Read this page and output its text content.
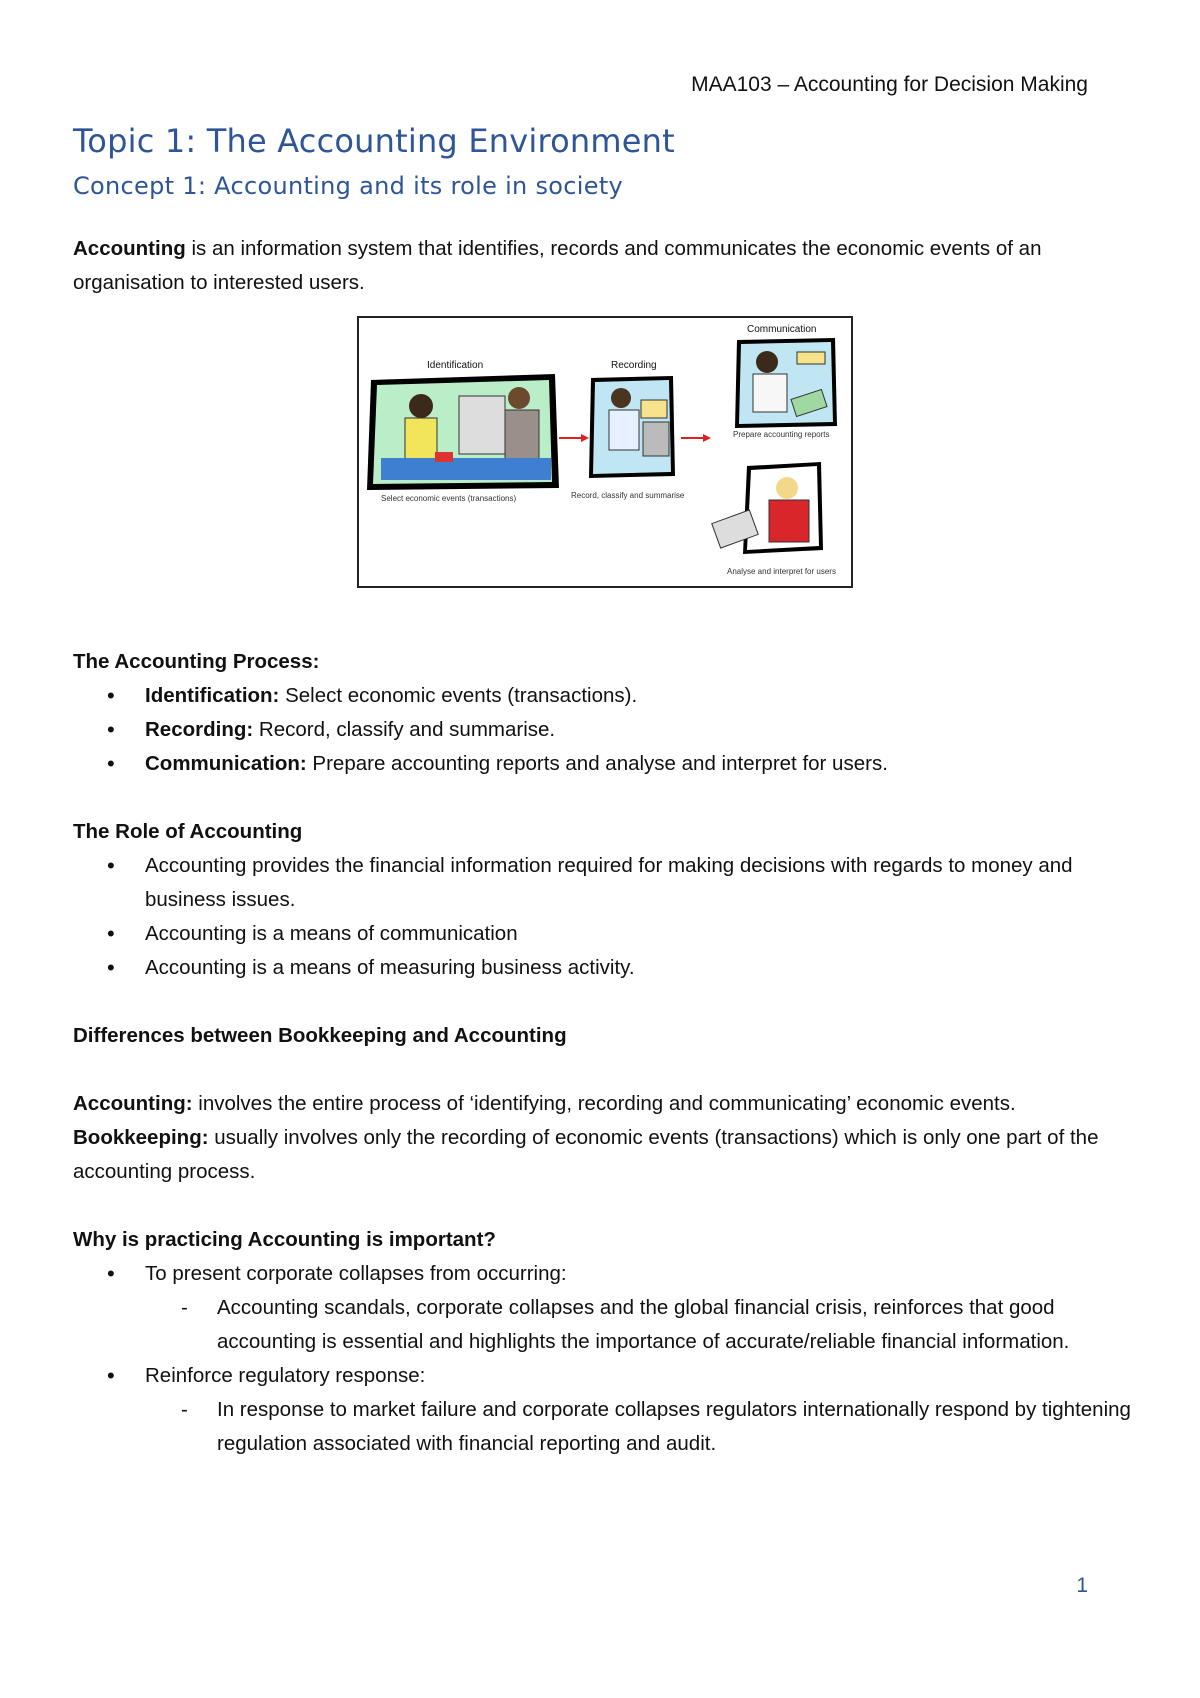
MAA103 – Accounting for Decision Making
Topic 1: The Accounting Environment
Concept 1: Accounting and its role in society
Accounting is an information system that identifies, records and communicates the economic events of an organisation to interested users.
Identification
Select economic events (transactions)
Recording
Record, classify and summarise
Communication
Prepare accounting reports
Analyse and interpret for users

The Accounting Process:

• Identification: Select economic events (transactions).
• Recording: Record, classify and summarise.
• Communication: Prepare accounting reports and analyse and interpret for users.

The Role of Accounting

• Accounting provides the financial information required for making decisions with regards to money and business issues.
• Accounting is a means of communication
• Accounting is a means of measuring business activity.

Differences between Bookkeeping and Accounting

Accounting: involves the entire process of ‘identifying, recording and communicating’ economic events.

Bookkeeping: usually involves only the recording of economic events (transactions) which is only one part of the accounting process.

Why is practicing Accounting is important?

• To present corporate collapses from occurring:
- Accounting scandals, corporate collapses and the global financial crisis, reinforces that good accounting is essential and highlights the importance of accurate/reliable financial information.
• Reinforce regulatory response:
- In response to market failure and corporate collapses regulators internationally respond by tightening regulation associated with financial reporting and audit.
1
